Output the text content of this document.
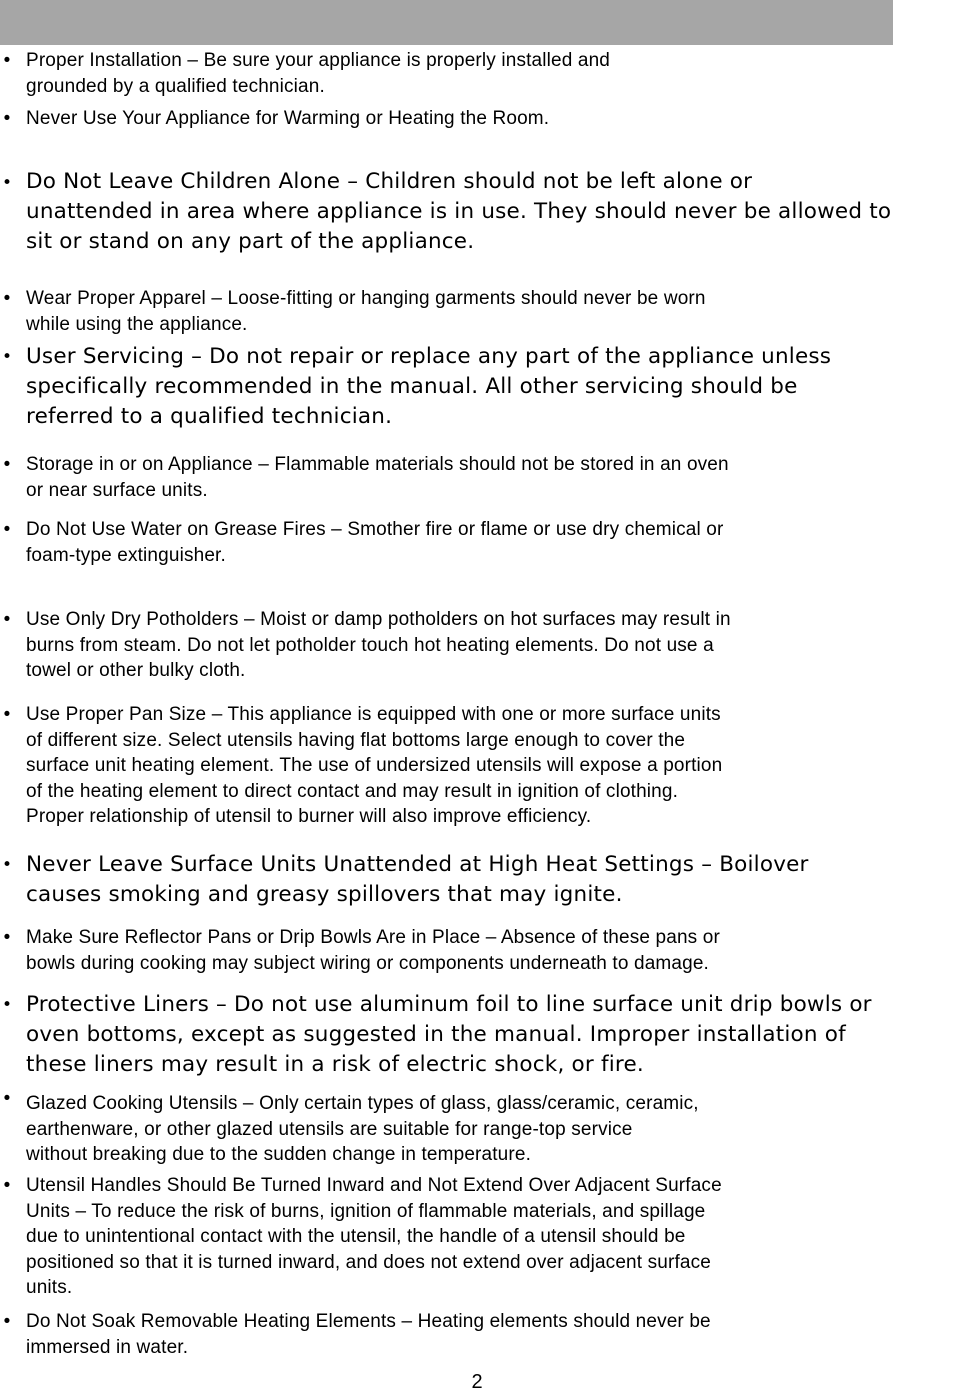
• Proper Installation – Be sure your appliance is properly installed and
grounded by a qualified technician.
• Never Use Your Appliance for Warming or Heating the Room.
• Do Not Leave Children Alone – Children should not be left alone or
unattended in area where appliance is in use. They should never be allowed to
sit or stand on any part of the appliance.
• Wear Proper Apparel – Loose-fitting or hanging garments should never be worn
while using the appliance.
• User Servicing – Do not repair or replace any part of the appliance unless
specifically recommended in the manual. All other servicing should be
referred to a qualified technician.
• Storage in or on Appliance – Flammable materials should not be stored in an oven
or near surface units.
• Do Not Use Water on Grease Fires – Smother fire or flame or use dry chemical or
foam-type extinguisher.
• Use Only Dry Potholders – Moist or damp potholders on hot surfaces may result in
burns from steam. Do not let potholder touch hot heating elements. Do not use a
towel or other bulky cloth.
• Use Proper Pan Size – This appliance is equipped with one or more surface units
of different size. Select utensils having flat bottoms large enough to cover the
surface unit heating element. The use of undersized utensils will expose a portion
of the heating element to direct contact and may result in ignition of clothing.
Proper relationship of utensil to burner will also improve efficiency.
• Never Leave Surface Units Unattended at High Heat Settings – Boilover
causes smoking and greasy spillovers that may ignite.
• Make Sure Reflector Pans or Drip Bowls Are in Place – Absence of these pans or
bowls during cooking may subject wiring or components underneath to damage.
• Protective Liners – Do not use aluminum foil to line surface unit drip bowls or
oven bottoms, except as suggested in the manual. Improper installation of
these liners may result in a risk of electric shock, or fire.
• Glazed Cooking Utensils – Only certain types of glass, glass/ceramic, ceramic,
earthenware, or other glazed utensils are suitable for range-top service
without breaking due to the sudden change in temperature.
• Utensil Handles Should Be Turned Inward and Not Extend Over Adjacent Surface
Units – To reduce the risk of burns, ignition of flammable materials, and spillage
due to unintentional contact with the utensil, the handle of a utensil should be
positioned so that it is turned inward, and does not extend over adjacent surface
units.
• Do Not Soak Removable Heating Elements – Heating elements should never be
immersed in water.
2
